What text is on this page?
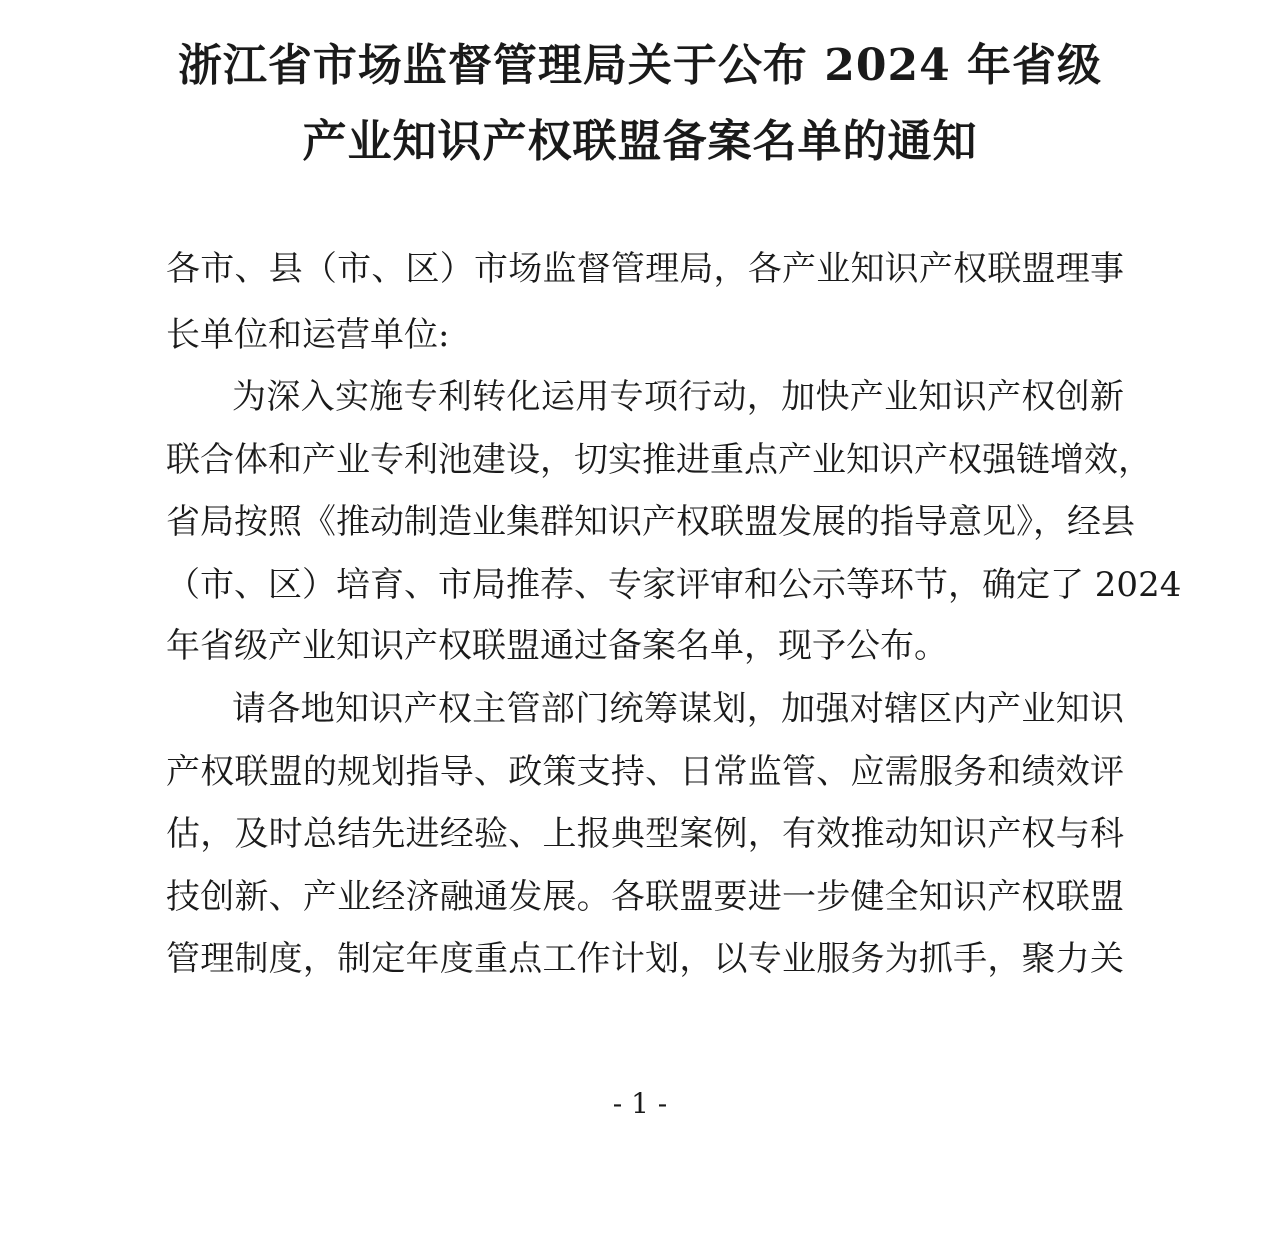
浙江省市场监督管理局关于公布 2024 年省级
产业知识产权联盟备案名单的通知
各市、县（市、区）市场监督管理局，各产业知识产权联盟理事
长单位和运营单位:
为深入实施专利转化运用专项行动，加快产业知识产权创新
联合体和产业专利池建设，切实推进重点产业知识产权强链增效，
省局按照《推动制造业集群知识产权联盟发展的指导意见》，经县
（市、区）培育、市局推荐、专家评审和公示等环节，确定了 2024
年省级产业知识产权联盟通过备案名单，现予公布。
请各地知识产权主管部门统筹谋划，加强对辖区内产业知识
产权联盟的规划指导、政策支持、日常监管、应需服务和绩效评
估，及时总结先进经验、上报典型案例，有效推动知识产权与科
技创新、产业经济融通发展。各联盟要进一步健全知识产权联盟
管理制度，制定年度重点工作计划，以专业服务为抓手，聚力关
- 1 -
